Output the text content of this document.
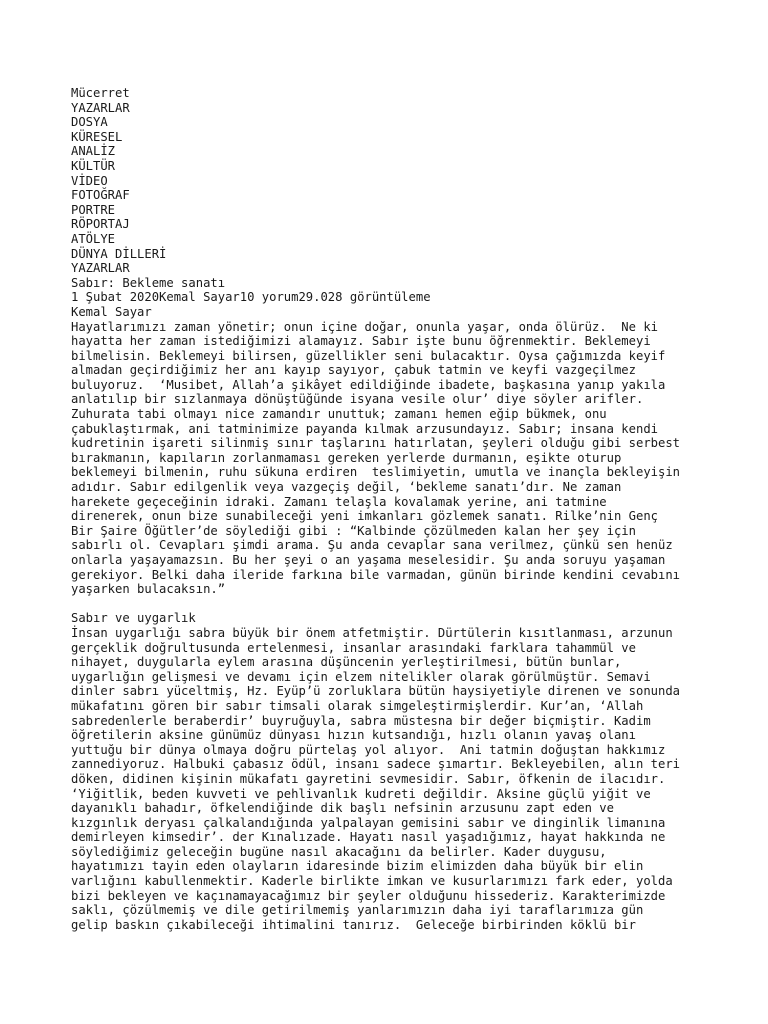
Mücerret
YAZARLAR
DOSYA
KÜRESEL
ANALİZ
KÜLTÜR
VİDEO
FOTOĞRAF
PORTRE
RÖPORTAJ
ATÖLYE
DÜNYA DİLLERİ
YAZARLAR
Sabır: Bekleme sanatı
1 Şubat 2020Kemal Sayar10 yorum29.028 görüntüleme
Kemal Sayar
Hayatlarımızı zaman yönetir; onun içine doğar, onunla yaşar, onda ölürüz.  Ne ki
hayatta her zaman istediğimizi alamayız. Sabır işte bunu öğrenmektir. Beklemeyi
bilmelisin. Beklemeyi bilirsen, güzellikler seni bulacaktır. Oysa çağımızda keyif
almadan geçirdiğimiz her anı kayıp sayıyor, çabuk tatmin ve keyfi vazgeçilmez
buluyoruz.  ‘Musibet, Allah’a şikâyet edildiğinde ibadete, başkasına yanıp yakıla
anlatılıp bir sızlanmaya dönüştüğünde isyana vesile olur’ diye söyler arifler.
Zuhurata tabi olmayı nice zamandır unuttuk; zamanı hemen eğip bükmek, onu
çabuklaştırmak, ani tatminimize payanda kılmak arzusundayız. Sabır; insana kendi
kudretinin işareti silinmiş sınır taşlarını hatırlatan, şeyleri olduğu gibi serbest
bırakmanın, kapıların zorlanmaması gereken yerlerde durmanın, eşikte oturup
beklemeyi bilmenin, ruhu sükuna erdiren  teslimiyetin, umutla ve inançla bekleyişin
adıdır. Sabır edilgenlik veya vazgeçiş değil, ‘bekleme sanatı’dır. Ne zaman
harekete geçeceğinin idraki. Zamanı telaşla kovalamak yerine, ani tatmine
direnerek, onun bize sunabileceği yeni imkanları gözlemek sanatı. Rilke’nin Genç
Bir Şaire Öğütler’de söylediği gibi : “Kalbinde çözülmeden kalan her şey için
sabırlı ol. Cevapları şimdi arama. Şu anda cevaplar sana verilmez, çünkü sen henüz
onlarla yaşayamazsın. Bu her şeyi o an yaşama meselesidir. Şu anda soruyu yaşaman
gerekiyor. Belki daha ileride farkına bile varmadan, günün birinde kendini cevabını
yaşarken bulacaksın.”
Sabır ve uygarlık
İnsan uygarlığı sabra büyük bir önem atfetmiştir. Dürtülerin kısıtlanması, arzunun
gerçeklik doğrultusunda ertelenmesi, insanlar arasındaki farklara tahammül ve
nihayet, duygularla eylem arasına düşüncenin yerleştirilmesi, bütün bunlar,
uygarlığın gelişmesi ve devamı için elzem nitelikler olarak görülmüştür. Semavi
dinler sabrı yüceltmiş, Hz. Eyüp’ü zorluklara bütün haysiyetiyle direnen ve sonunda
mükafatını gören bir sabır timsali olarak simgeleştirmişlerdir. Kur’an, ‘Allah
sabredenlerle beraberdir’ buyruğuyla, sabra müstesna bir değer biçmiştir. Kadim
öğretilerin aksine günümüz dünyası hızın kutsandığı, hızlı olanın yavaş olanı
yuttuğu bir dünya olmaya doğru pürtelaş yol alıyor.  Ani tatmin doğuştan hakkımız
zannediyoruz. Halbuki çabasız ödül, insanı sadece şımartır. Bekleyebilen, alın teri
döken, didinen kişinin mükafatı gayretini sevmesidir. Sabır, öfkenin de ilacıdır.
‘Yiğitlik, beden kuvveti ve pehlivanlık kudreti değildir. Aksine güçlü yiğit ve
dayanıklı bahadır, öfkelendiğinde dik başlı nefsinin arzusunu zapt eden ve
kızgınlık deryası çalkalandığında yalpalayan gemisini sabır ve dinginlik limanına
demirleyen kimsedir’. der Kınalızade. Hayatı nasıl yaşadığımız, hayat hakkında ne
söylediğimiz geleceğin bugüne nasıl akacağını da belirler. Kader duygusu,
hayatımızı tayin eden olayların idaresinde bizim elimizden daha büyük bir elin
varlığını kabullenmektir. Kaderle birlikte imkan ve kusurlarımızı fark eder, yolda
bizi bekleyen ve kaçınamayacağımız bir şeyler olduğunu hissederiz. Karakterimizde
saklı, çözülmemiş ve dile getirilmemiş yanlarımızın daha iyi taraflarımıza gün
gelip baskın çıkabileceği ihtimalini tanırız.  Geleceğe birbirinden köklü bir
